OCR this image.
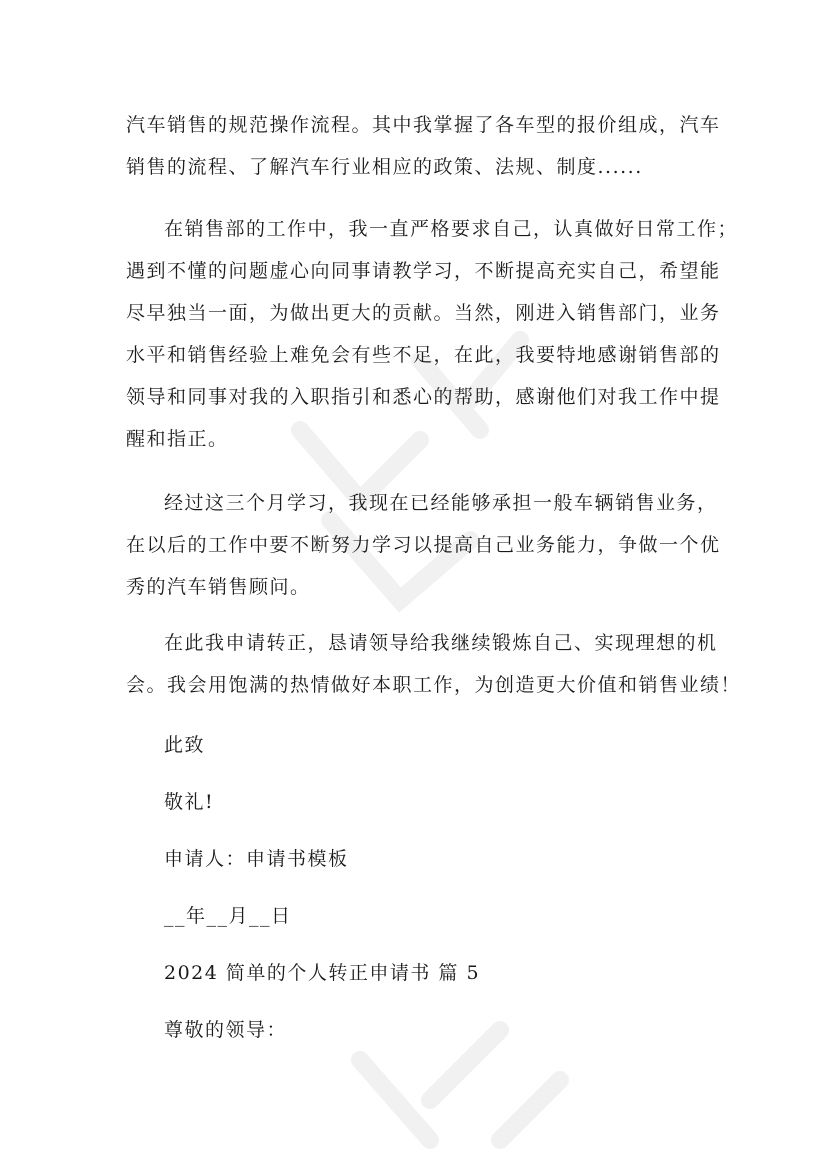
汽车销售的规范操作流程。其中我掌握了各车型的报价组成，汽车
销售的流程、了解汽车行业相应的政策、法规、制度......
在销售部的工作中，我一直严格要求自己，认真做好日常工作；
遇到不懂的问题虚心向同事请教学习，不断提高充实自己，希望能
尽早独当一面，为做出更大的贡献。当然，刚进入销售部门，业务
水平和销售经验上难免会有些不足，在此，我要特地感谢销售部的
领导和同事对我的入职指引和悉心的帮助，感谢他们对我工作中提
醒和指正。
经过这三个月学习，我现在已经能够承担一般车辆销售业务，
在以后的工作中要不断努力学习以提高自己业务能力，争做一个优
秀的汽车销售顾问。
在此我申请转正，恳请领导给我继续锻炼自己、实现理想的机
会。我会用饱满的热情做好本职工作，为创造更大价值和销售业绩！

此致

敬礼!

申请人：申请书模板

__年__月__日

2024 简单的个人转正申请书 篇 5

尊敬的领导：
